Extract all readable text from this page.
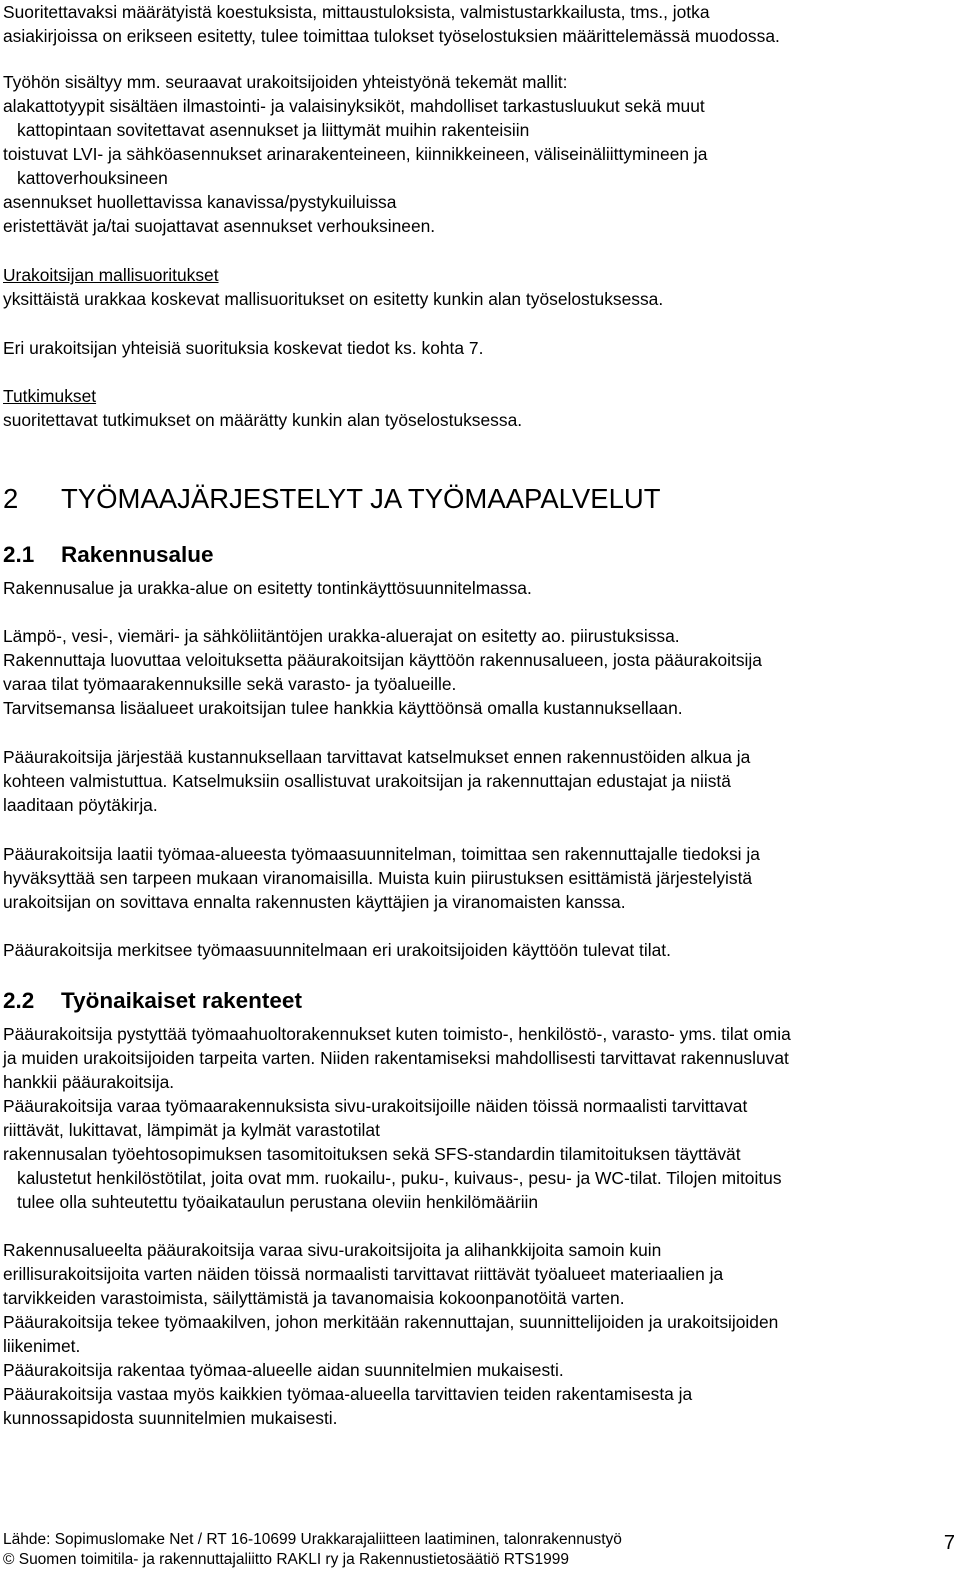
Suoritettavaksi määrätyistä koestuksista, mittaustuloksista, valmistustarkkailusta, tms., jotka

asiakirjoissa on erikseen esitetty, tulee toimittaa tulokset työselostuksien määrittelemässä muodossa.

Työhön sisältyy mm. seuraavat urakoitsijoiden yhteistyönä tekemät mallit:

alakattotyypit sisältäen ilmastointi- ja valaisinyksiköt, mahdolliset tarkastusluukut sekä muut

kattopintaan sovitettavat asennukset ja liittymät muihin rakenteisiin

toistuvat LVI- ja sähköasennukset arinarakenteineen, kiinnikkeineen, väliseinäliittymineen ja

kattoverhouksineen

asennukset huollettavissa kanavissa/pystykuiluissa

eristettävät ja/tai suojattavat asennukset verhouksineen.

Urakoitsijan mallisuoritukset

yksittäistä urakkaa koskevat mallisuoritukset on esitetty kunkin alan työselostuksessa.

Eri urakoitsijan yhteisiä suorituksia koskevat tiedot ks. kohta 7.

Tutkimukset

suoritettavat tutkimukset on määrätty kunkin alan työselostuksessa.

2 TYÖMAAJÄRJESTELYT JA TYÖMAAPALVELUT
2.1 Rakennusalue

Rakennusalue ja urakka-alue on esitetty tontinkäyttösuunnitelmassa.

Lämpö-, vesi-, viemäri- ja sähköliitäntöjen urakka-aluerajat on esitetty ao. piirustuksissa.

Rakennuttaja luovuttaa veloituksetta pääurakoitsijan käyttöön rakennusalueen, josta pääurakoitsija

varaa tilat työmaarakennuksille sekä varasto- ja työalueille.

Tarvitsemansa lisäalueet urakoitsijan tulee hankkia käyttöönsä omalla kustannuksellaan.

Pääurakoitsija järjestää kustannuksellaan tarvittavat katselmukset ennen rakennustöiden alkua ja

kohteen valmistuttua. Katselmuksiin osallistuvat urakoitsijan ja rakennuttajan edustajat ja niistä

laaditaan pöytäkirja.

Pääurakoitsija laatii työmaa-alueesta työmaasuunnitelman, toimittaa sen rakennuttajalle tiedoksi ja

hyväksyttää sen tarpeen mukaan viranomaisilla. Muista kuin piirustuksen esittämistä järjestelyistä

urakoitsijan on sovittava ennalta rakennusten käyttäjien ja viranomaisten kanssa.

Pääurakoitsija merkitsee työmaasuunnitelmaan eri urakoitsijoiden käyttöön tulevat tilat.

2.2 Työnaikaiset rakenteet

Pääurakoitsija pystyttää työmaahuoltorakennukset kuten toimisto-, henkilöstö-, varasto- yms. tilat omia

ja muiden urakoitsijoiden tarpeita varten. Niiden rakentamiseksi mahdollisesti tarvittavat rakennusluvat

hankkii pääurakoitsija.

Pääurakoitsija varaa työmaarakennuksista sivu-urakoitsijoille näiden töissä normaalisti tarvittavat

riittävät, lukittavat, lämpimät ja kylmät varastotilat

rakennusalan työehtosopimuksen tasomitoituksen sekä SFS-standardin tilamitoituksen täyttävät

kalustetut henkilöstötilat, joita ovat mm. ruokailu-, puku-, kuivaus-, pesu- ja WC-tilat. Tilojen mitoitus

tulee olla suhteutettu työaikataulun perustana oleviin henkilömääriin

Rakennusalueelta pääurakoitsija varaa sivu-urakoitsijoita ja alihankkijoita samoin kuin

erillisurakoitsijoita varten näiden töissä normaalisti tarvittavat riittävät työalueet materiaalien ja

tarvikkeiden varastoimista, säilyttämistä ja tavanomaisia kokoonpanotöitä varten.

Pääurakoitsija tekee työmaakilven, johon merkitään rakennuttajan, suunnittelijoiden ja urakoitsijoiden

liikenimet.

Pääurakoitsija rakentaa työmaa-alueelle aidan suunnitelmien mukaisesti.

Pääurakoitsija vastaa myös kaikkien työmaa-alueella tarvittavien teiden rakentamisesta ja

kunnossapidosta suunnitelmien mukaisesti.

Lähde: Sopimuslomake Net / RT 16-10699 Urakkarajaliitteen laatiminen, talonrakennustyö
© Suomen toimitila- ja rakennuttajaliitto RAKLI ry ja Rakennustietosäätiö RTS1999
7
